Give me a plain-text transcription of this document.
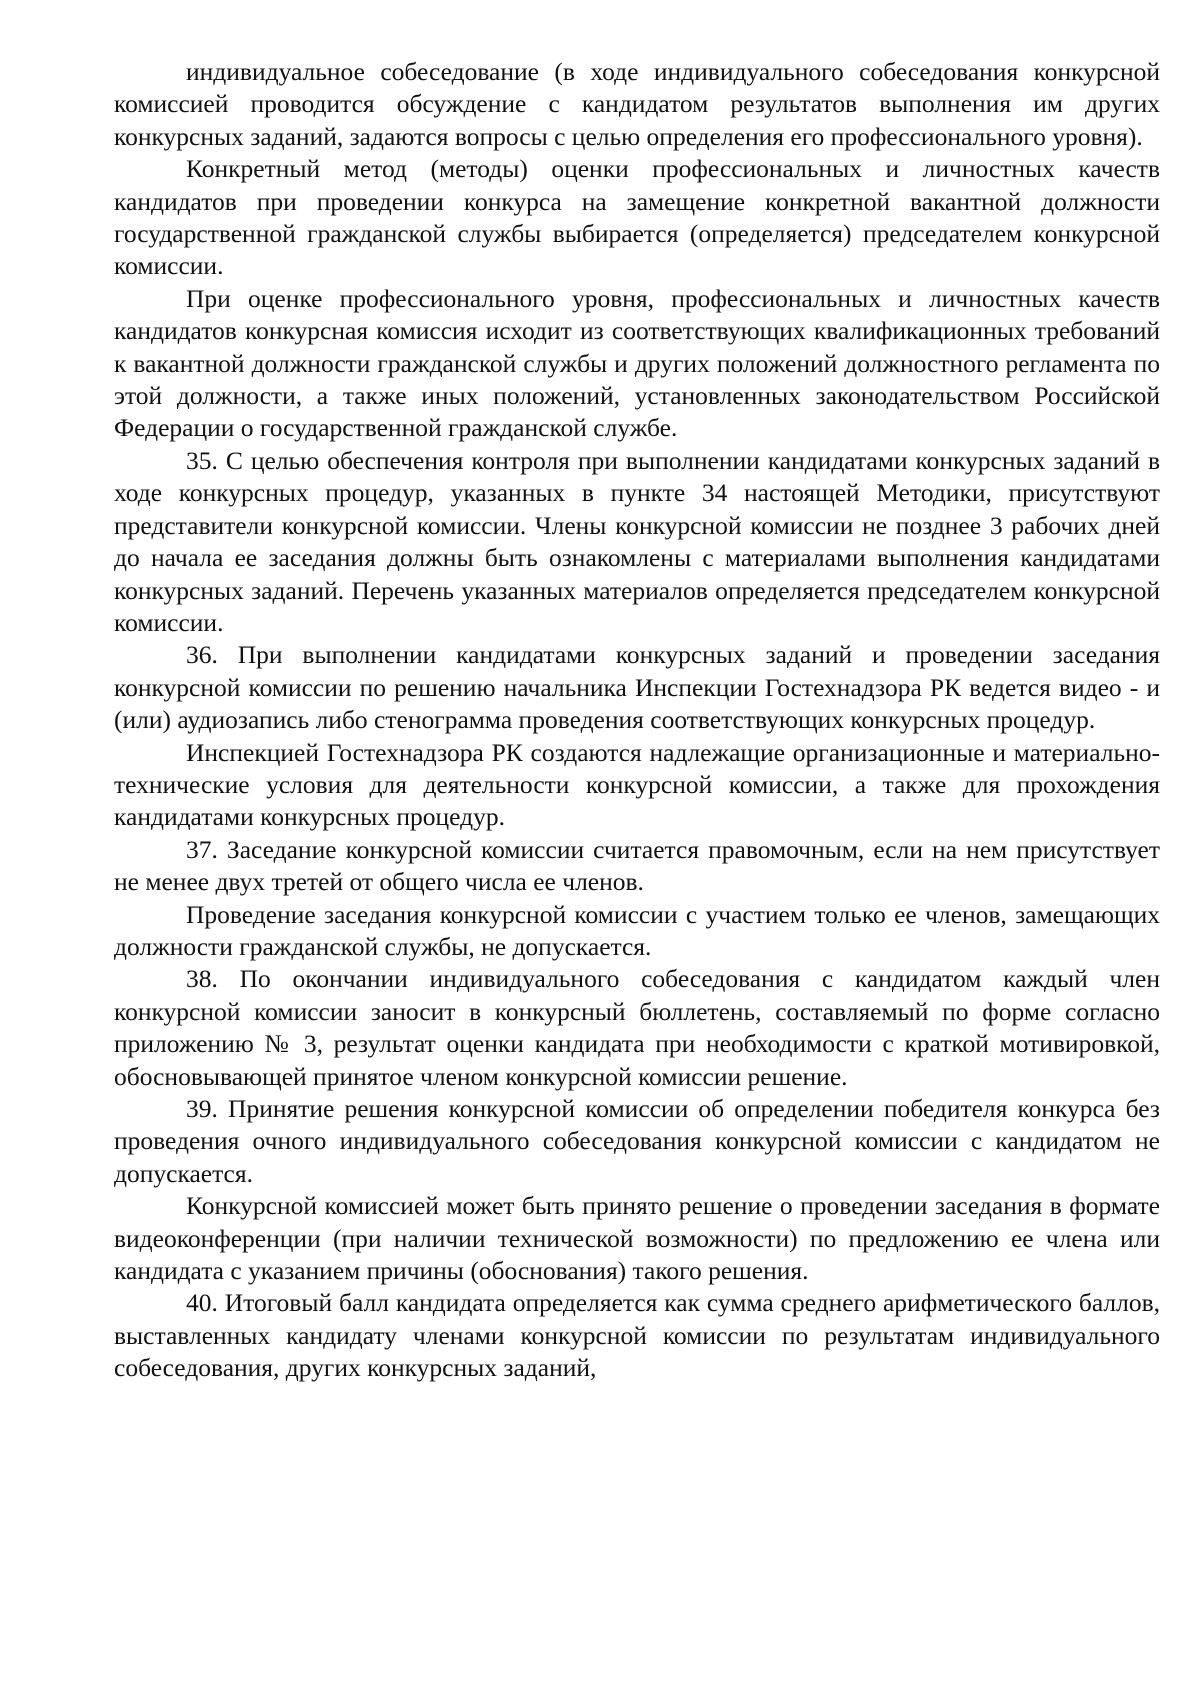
индивидуальное собеседование (в ходе индивидуального собеседования конкурсной комиссией проводится обсуждение с кандидатом результатов выполнения им других конкурсных заданий, задаются вопросы с целью определения его профессионального уровня).

Конкретный метод (методы) оценки профессиональных и личностных качеств кандидатов при проведении конкурса на замещение конкретной вакантной должности государственной гражданской службы выбирается (определяется) председателем конкурсной комиссии.

При оценке профессионального уровня, профессиональных и личностных качеств кандидатов конкурсная комиссия исходит из соответствующих квалификационных требований к вакантной должности гражданской службы и других положений должностного регламента по этой должности, а также иных положений, установленных законодательством Российской Федерации о государственной гражданской службе.

35. С целью обеспечения контроля при выполнении кандидатами конкурсных заданий в ходе конкурсных процедур, указанных в пункте 34 настоящей Методики, присутствуют представители конкурсной комиссии. Члены конкурсной комиссии не позднее 3 рабочих дней до начала ее заседания должны быть ознакомлены с материалами выполнения кандидатами конкурсных заданий. Перечень указанных материалов определяется председателем конкурсной комиссии.

36. При выполнении кандидатами конкурсных заданий и проведении заседания конкурсной комиссии по решению начальника Инспекции Гостехнадзора РК ведется видео - и (или) аудиозапись либо стенограмма проведения соответствующих конкурсных процедур.

Инспекцией Гостехнадзора РК создаются надлежащие организационные и материально-технические условия для деятельности конкурсной комиссии, а также для прохождения кандидатами конкурсных процедур.

37. Заседание конкурсной комиссии считается правомочным, если на нем присутствует не менее двух третей от общего числа ее членов.

Проведение заседания конкурсной комиссии с участием только ее членов, замещающих должности гражданской службы, не допускается.

38. По окончании индивидуального собеседования с кандидатом каждый член конкурсной комиссии заносит в конкурсный бюллетень, составляемый по форме согласно приложению № 3, результат оценки кандидата при необходимости с краткой мотивировкой, обосновывающей принятое членом конкурсной комиссии решение.

39. Принятие решения конкурсной комиссии об определении победителя конкурса без проведения очного индивидуального собеседования конкурсной комиссии с кандидатом не допускается.

Конкурсной комиссией может быть принято решение о проведении заседания в формате видеоконференции (при наличии технической возможности) по предложению ее члена или кандидата с указанием причины (обоснования) такого решения.

40. Итоговый балл кандидата определяется как сумма среднего арифметического баллов, выставленных кандидату членами конкурсной комиссии по результатам индивидуального собеседования, других конкурсных заданий,
